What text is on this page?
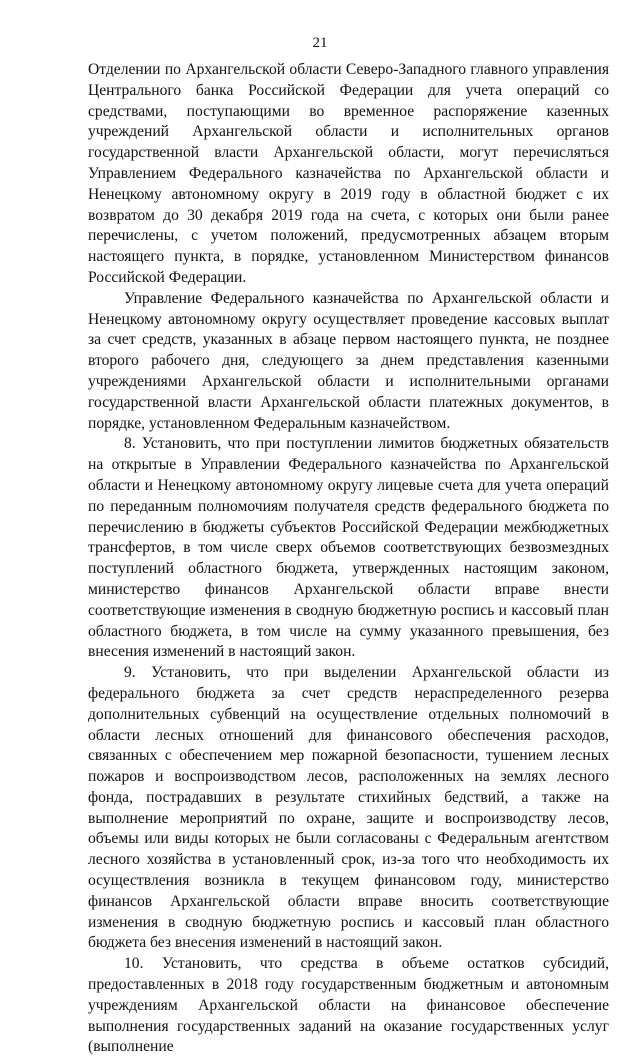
21

Отделении по Архангельской области Северо-Западного главного управления Центрального банка Российской Федерации для учета операций со средствами, поступающими во временное распоряжение казенных учреждений Архангельской области и исполнительных органов государственной власти Архангельской области, могут перечисляться Управлением Федерального казначейства по Архангельской области и Ненецкому автономному округу в 2019 году в областной бюджет с их возвратом до 30 декабря 2019 года на счета, с которых они были ранее перечислены, с учетом положений, предусмотренных абзацем вторым настоящего пункта, в порядке, установленном Министерством финансов Российской Федерации.

Управление Федерального казначейства по Архангельской области и Ненецкому автономному округу осуществляет проведение кассовых выплат за счет средств, указанных в абзаце первом настоящего пункта, не позднее второго рабочего дня, следующего за днем представления казенными учреждениями Архангельской области и исполнительными органами государственной власти Архангельской области платежных документов, в порядке, установленном Федеральным казначейством.

8. Установить, что при поступлении лимитов бюджетных обязательств на открытые в Управлении Федерального казначейства по Архангельской области и Ненецкому автономному округу лицевые счета для учета операций по переданным полномочиям получателя средств федерального бюджета по перечислению в бюджеты субъектов Российской Федерации межбюджетных трансфертов, в том числе сверх объемов соответствующих безвозмездных поступлений областного бюджета, утвержденных настоящим законом, министерство финансов Архангельской области вправе внести соответствующие изменения в сводную бюджетную роспись и кассовый план областного бюджета, в том числе на сумму указанного превышения, без внесения изменений в настоящий закон.

9. Установить, что при выделении Архангельской области из федерального бюджета за счет средств нераспределенного резерва дополнительных субвенций на осуществление отдельных полномочий в области лесных отношений для финансового обеспечения расходов, связанных с обеспечением мер пожарной безопасности, тушением лесных пожаров и воспроизводством лесов, расположенных на землях лесного фонда, пострадавших в результате стихийных бедствий, а также на выполнение мероприятий по охране, защите и воспроизводству лесов, объемы или виды которых не были согласованы с Федеральным агентством лесного хозяйства в установленный срок, из-за того что необходимость их осуществления возникла в текущем финансовом году, министерство финансов Архангельской области вправе вносить соответствующие изменения в сводную бюджетную роспись и кассовый план областного бюджета без внесения изменений в настоящий закон.

10. Установить, что средства в объеме остатков субсидий, предоставленных в 2018 году государственным бюджетным и автономным учреждениям Архангельской области на финансовое обеспечение выполнения государственных заданий на оказание государственных услуг (выполнение
